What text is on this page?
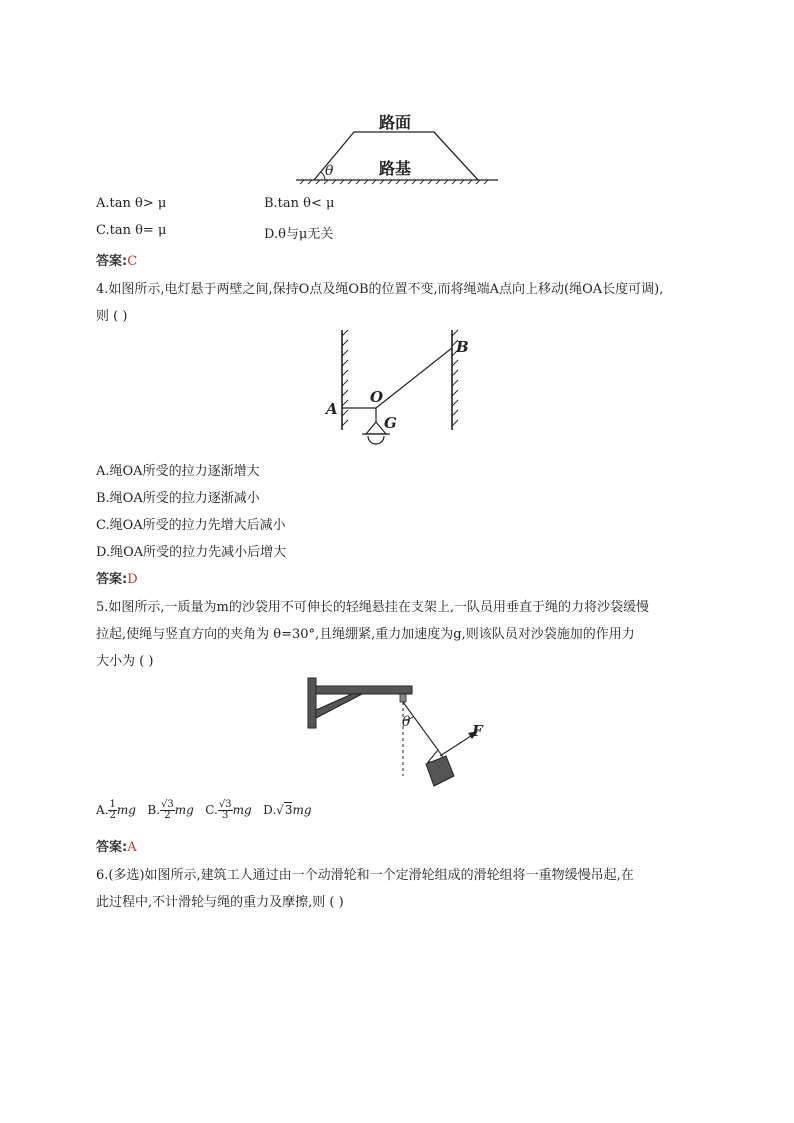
路面
路基
θ
A.tan θ> μ	B.tan θ< μ
C.tan θ= μ	D.θ与μ无关
答案:C
4.如图所示,电灯悬于两壁之间,保持O点及绳OB的位置不变,而将绳端A点向上移动(绳OA长度可调),
则 ( )
A
O
B
G
A.绳OA所受的拉力逐渐增大
B.绳OA所受的拉力逐渐减小
C.绳OA所受的拉力先增大后减小
D.绳OA所受的拉力先减小后增大
答案:D
5.如图所示,一质量为m的沙袋用不可伸长的轻绳悬挂在支架上,一队员用垂直于绳的力将沙袋缓慢
拉起,使绳与竖直方向的夹角为 θ=30°,且绳绷紧,重力加速度为g,则该队员对沙袋施加的作用力
大小为 ( )
F
θ
A. $\frac{1}{2}$ mg B. $\frac{√3}{2}$ mg C. $\frac{√3}{3}$ mg D.√3mg
答案:A
6.(多选)如图所示,建筑工人通过由一个动滑轮和一个定滑轮组成的滑轮组将一重物缓慢吊起,在
此过程中,不计滑轮与绳的重力及摩擦,则 ( )
